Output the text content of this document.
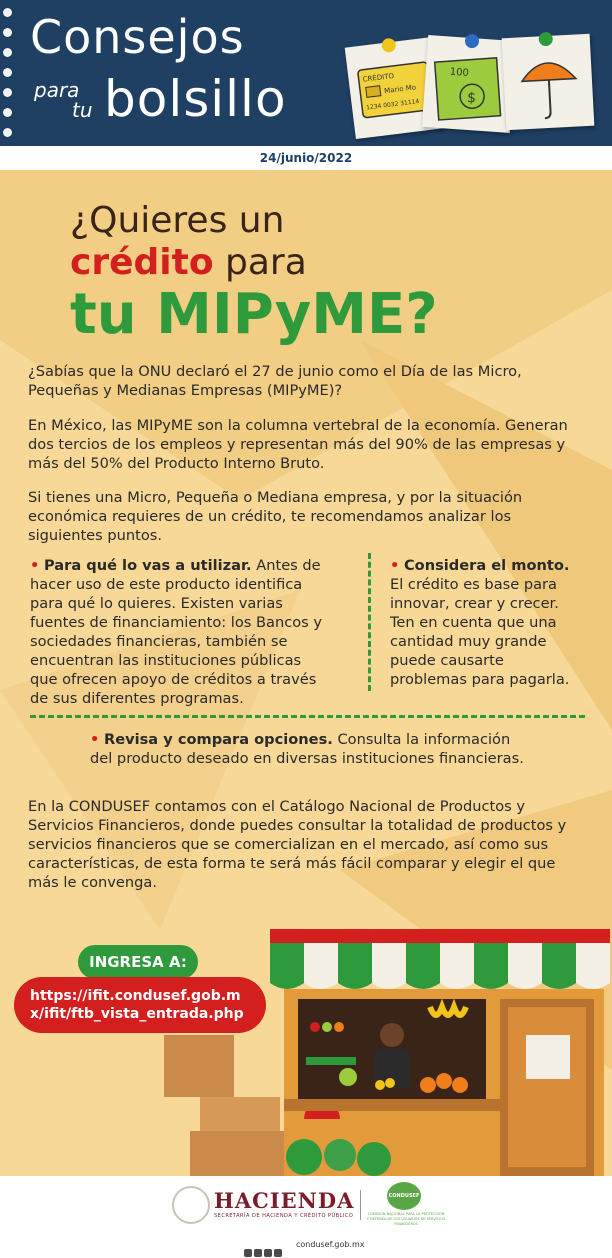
Consejos
para
tu bolsillo	CRÉDITO
Mario Mo
1234 0032 31114
100
$
24/junio/2022
¿Quieres un
crédito para
tu MIPyME?
¿Sabías que la ONU declaró el 27 de junio como el Día de las Micro, Pequeñas y Medianas Empresas (MIPyME)?
En México, las MIPyME son la columna vertebral de la economía. Generan dos tercios de los empleos y representan más del 90% de las empresas y más del 50% del Producto Interno Bruto.
Si tienes una Micro, Pequeña o Mediana empresa, y por la situación económica requieres de un crédito, te recomendamos analizar los siguientes puntos.
• Para qué lo vas a utilizar. Antes de hacer uso de este producto identifica para qué lo quieres. Existen varias fuentes de financiamiento: los Bancos y sociedades financieras, también se encuentran las instituciones públicas que ofrecen apoyo de créditos a través de sus diferentes programas.
• Considera el monto. El crédito es base para innovar, crear y crecer. Ten en cuenta que una cantidad muy grande puede causarte problemas para pagarla.
• Revisa y compara opciones. Consulta la información del producto deseado en diversas instituciones financieras.
En la CONDUSEF contamos con el Catálogo Nacional de Productos y Servicios Financieros, donde puedes consultar la totalidad de productos y servicios financieros que se comercializan en el mercado, así como sus características, de esta forma te será más fácil comparar y elegir el que más le convenga.
INGRESA A:
https://ifit.condusef.gob.m
x/ifit/ftb_vista_entrada.php
HACIENDA
SECRETARÍA DE HACIENDA Y CRÉDITO PÚBLICO
CONDUSEF
COMISIÓN NACIONAL PARA LA PROTECCIÓN Y DEFENSA DE LOS USUARIOS DE SERVICIOS FINANCIEROS
condusef.gob.mx
